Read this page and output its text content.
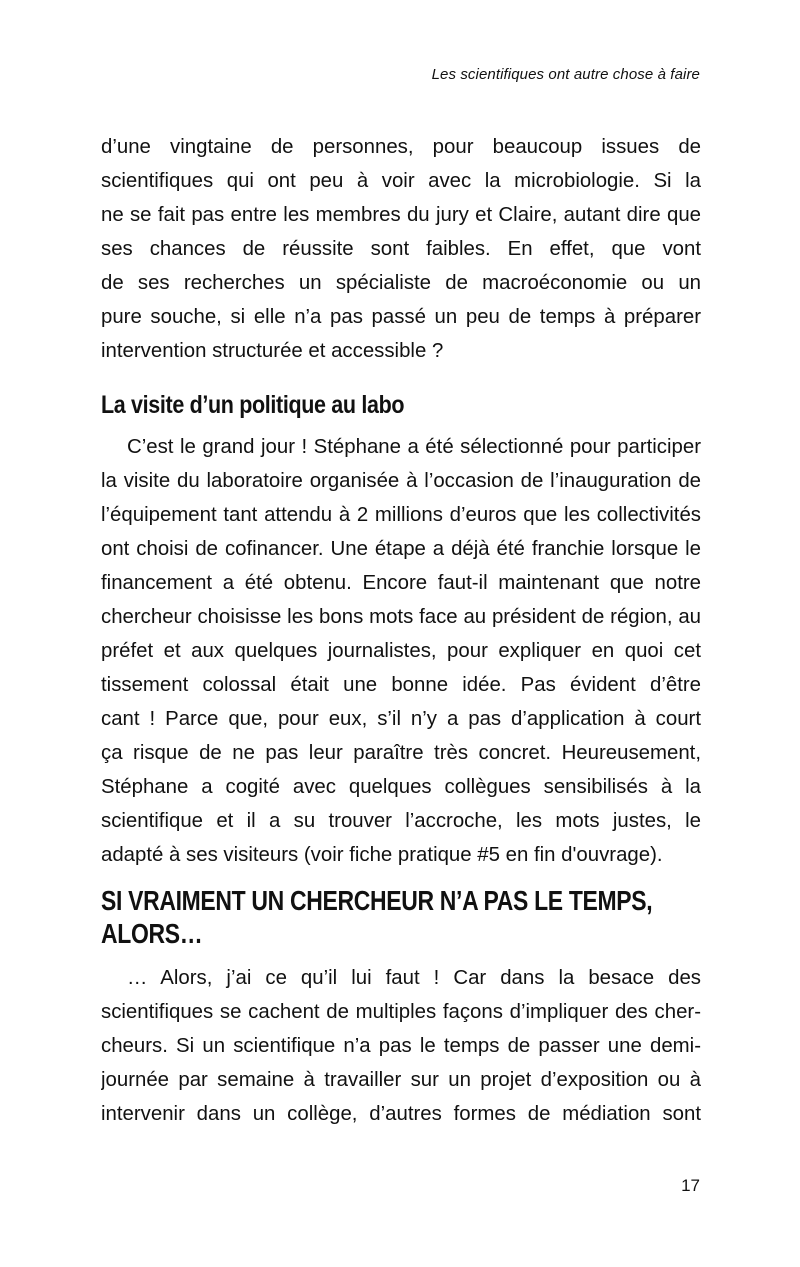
Les scientifiques ont autre chose à faire
d’une vingtaine de personnes, pour beaucoup issues de
scientifiques qui ont peu à voir avec la microbiologie. Si la
ne se fait pas entre les membres du jury et Claire, autant dire que
ses chances de réussite sont faibles. En effet, que vont
de ses recherches un spécialiste de macroéconomie ou un
pure souche, si elle n’a pas passé un peu de temps à préparer
intervention structurée et accessible ?
La visite d’un politique au labo
C’est le grand jour ! Stéphane a été sélectionné pour participer
la visite du laboratoire organisée à l’occasion de l’inauguration de
l’équipement tant attendu à 2 millions d’euros que les collectivités
ont choisi de cofinancer. Une étape a déjà été franchie lorsque le
financement a été obtenu. Encore faut-il maintenant que notre
chercheur choisisse les bons mots face au président de région, au
préfet et aux quelques journalistes, pour expliquer en quoi cet
tissement colossal était une bonne idée. Pas évident d’être
cant ! Parce que, pour eux, s’il n’y a pas d’application à court
ça risque de ne pas leur paraître très concret. Heureusement,
Stéphane a cogité avec quelques collègues sensibilisés à la
scientifique et il a su trouver l’accroche, les mots justes, le
adapté à ses visiteurs (voir fiche pratique #5 en fin d'ouvrage).
SI VRAIMENT UN CHERCHEUR N’A PAS LE TEMPS,
ALORS…
… Alors, j’ai ce qu’il lui faut ! Car dans la besace des
scientifiques se cachent de multiples façons d’impliquer des cher-
cheurs. Si un scientifique n’a pas le temps de passer une demi-
journée par semaine à travailler sur un projet d’exposition ou à
intervenir dans un collège, d’autres formes de médiation sont
17
